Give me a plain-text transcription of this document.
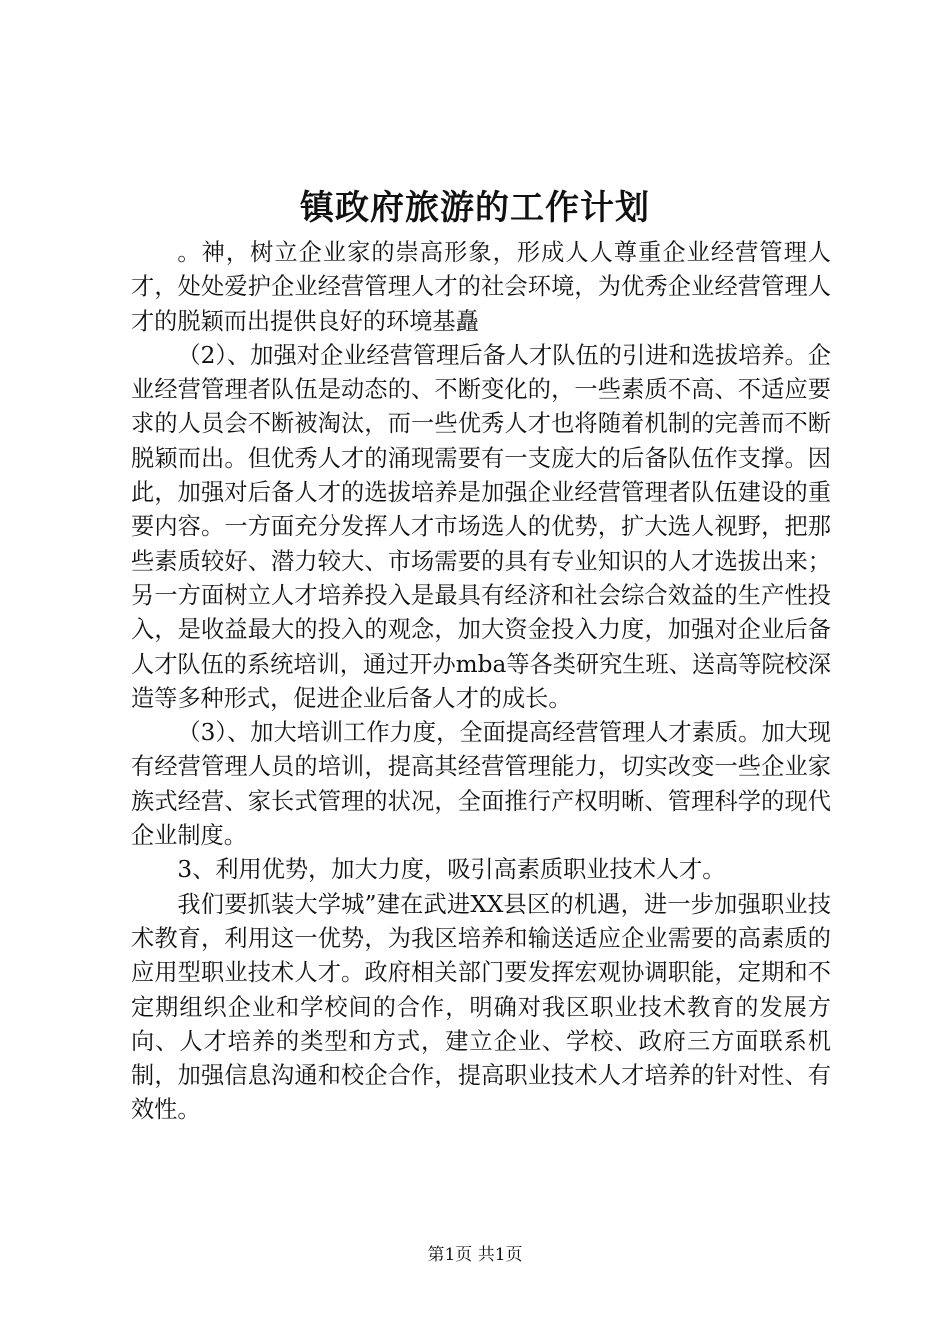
镇政府旅游的工作计划

。神，树立企业家的崇高形象，形成人人尊重企业经营管理人才，处处爱护企业经营管理人才的社会环境，为优秀企业经营管理人才的脱颖而出提供良好的环境基矗

（2）、加强对企业经营管理后备人才队伍的引进和选拔培养。企业经营管理者队伍是动态的、不断变化的，一些素质不高、不适应要求的人员会不断被淘汰，而一些优秀人才也将随着机制的完善而不断脱颖而出。但优秀人才的涌现需要有一支庞大的后备队伍作支撑。因此，加强对后备人才的选拔培养是加强企业经营管理者队伍建设的重要内容。一方面充分发挥人才市场选人的优势，扩大选人视野，把那些素质较好、潜力较大、市场需要的具有专业知识的人才选拔出来；另一方面树立人才培养投入是最具有经济和社会综合效益的生产性投入，是收益最大的投入的观念，加大资金投入力度，加强对企业后备人才队伍的系统培训，通过开办mba等各类研究生班、送高等院校深造等多种形式，促进企业后备人才的成长。

（3）、加大培训工作力度，全面提高经营管理人才素质。加大现有经营管理人员的培训，提高其经营管理能力，切实改变一些企业家族式经营、家长式管理的状况，全面推行产权明晰、管理科学的现代企业制度。

3、利用优势，加大力度，吸引高素质职业技术人才。

我们要抓装大学城”建在武进XX县区的机遇，进一步加强职业技术教育，利用这一优势，为我区培养和输送适应企业需要的高素质的应用型职业技术人才。政府相关部门要发挥宏观协调职能，定期和不定期组织企业和学校间的合作，明确对我区职业技术教育的发展方向、人才培养的类型和方式，建立企业、学校、政府三方面联系机制，加强信息沟通和校企合作，提高职业技术人才培养的针对性、有效性。

第1页 共1页
